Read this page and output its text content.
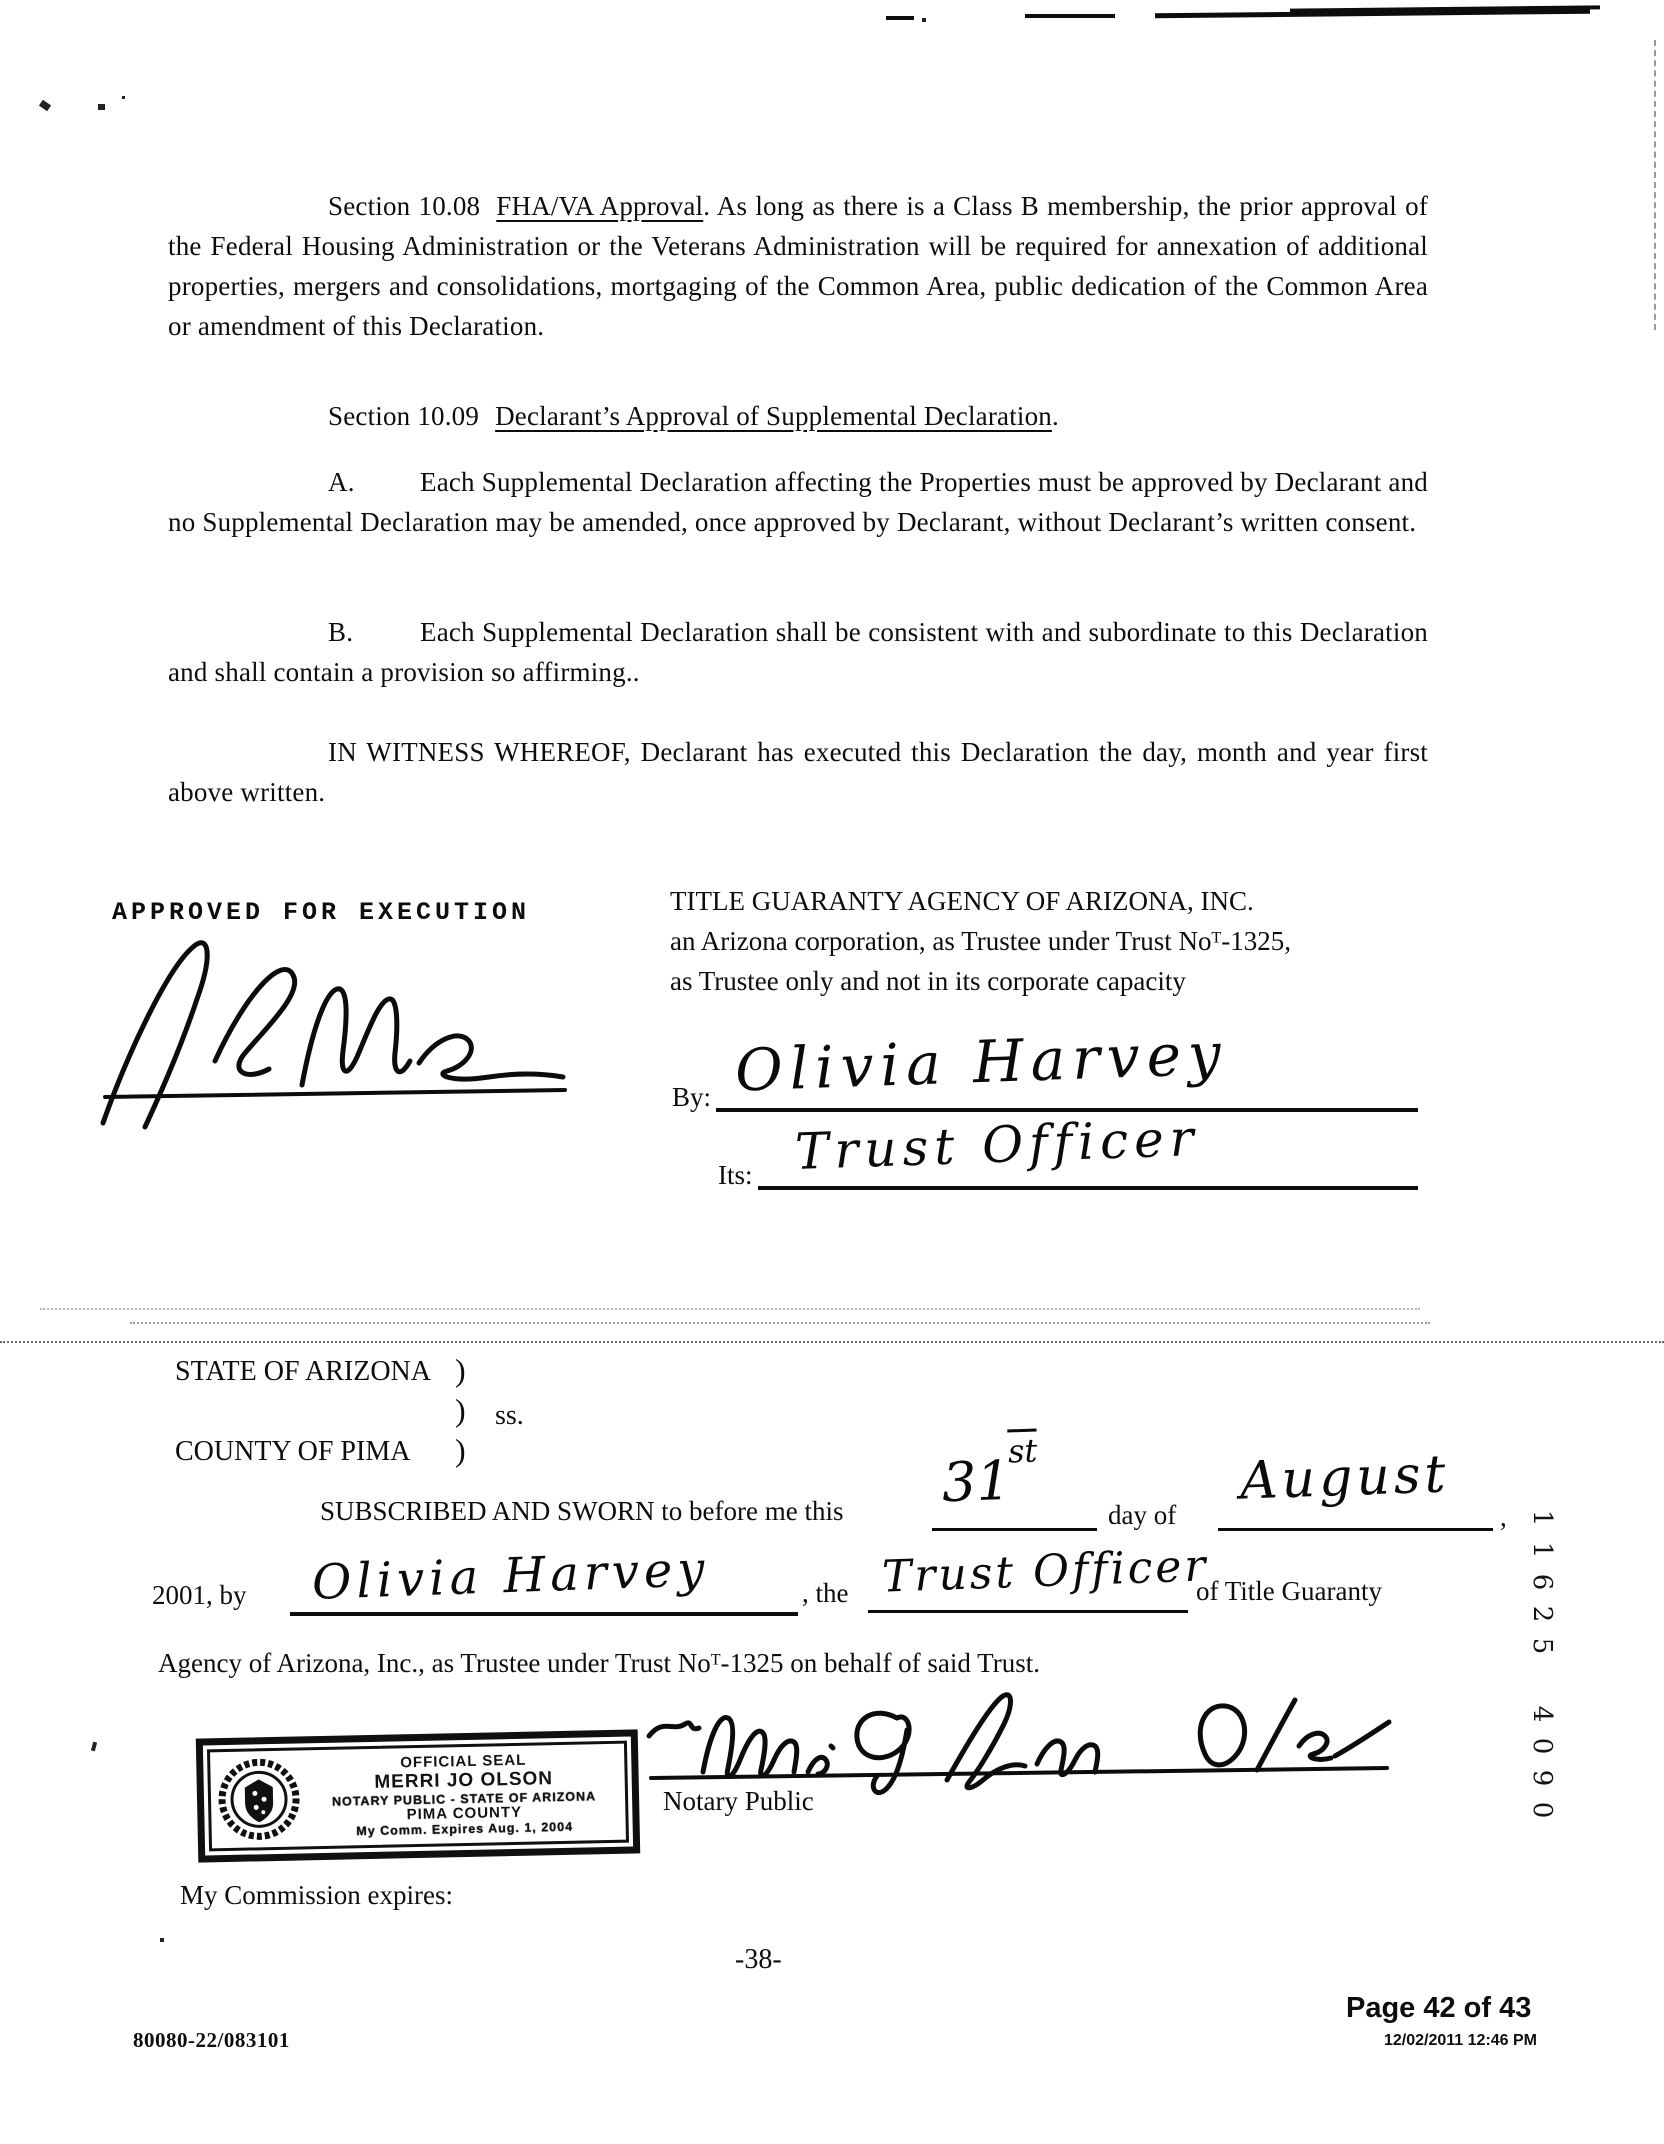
Section 10.08 FHA/VA Approval. As long as there is a Class B membership, the prior approval of the Federal Housing Administration or the Veterans Administration will be required for annexation of additional properties, mergers and consolidations, mortgaging of the Common Area, public dedication of the Common Area or amendment of this Declaration.

Section 10.09 Declarant’s Approval of Supplemental Declaration.

A. Each Supplemental Declaration affecting the Properties must be approved by Declarant and no Supplemental Declaration may be amended, once approved by Declarant, without Declarant’s written consent.

B. Each Supplemental Declaration shall be consistent with and subordinate to this Declaration and shall contain a provision so affirming..

IN WITNESS WHEREOF, Declarant has executed this Declaration the day, month and year first above written.

APPROVED FOR EXECUTION	TITLE GUARANTY AGENCY OF ARIZONA, INC.
an Arizona corporation, as Trustee under Trust Noᵀ-1325,
as Trustee only and not in its corporate capacity
By: Olivia Harvey
Its: Trust Officer
STATE OF ARIZONA )
) ss.
COUNTY OF PIMA )
SUBSCRIBED AND SWORN to before me this 31
$\overline{st}$
day of
August
,
2001, by Olivia Harvey	, the Trust Officer
of Title Guaranty
Agency of Arizona, Inc., as Trustee under Trust Noᵀ-1325 on behalf of said Trust.
OFFICIAL SEAL
MERRI JO OLSON
NOTARY PUBLIC - STATE OF ARIZONA
PIMA COUNTY
My Comm. Expires Aug. 1, 2004
Notary Public
My Commission expires:
-38-
80080-22/083101
Page 42 of 43
12/02/2011 12:46 PM
1
1
6
2
5
4
0
9
0
